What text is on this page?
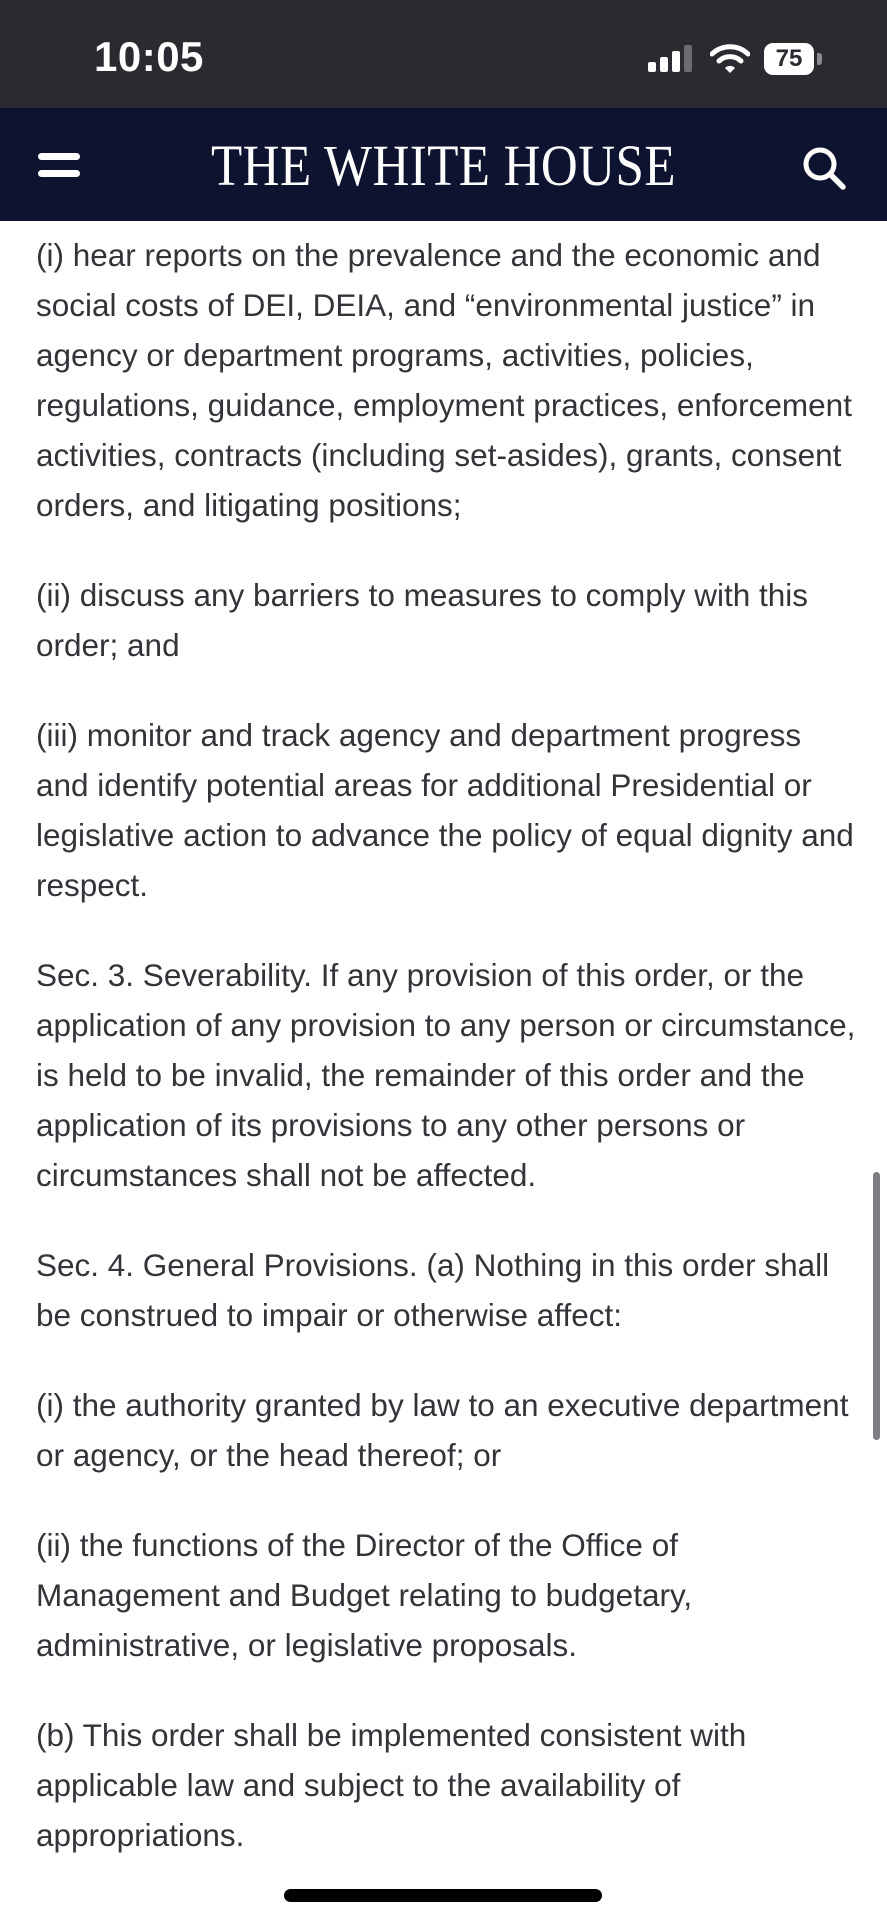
10:05	75
THE WHITE HOUSE

(i) hear reports on the prevalence and the economic and social costs of DEI, DEIA, and “environmental justice” in agency or department programs, activities, policies, regulations, guidance, employment practices, enforcement activities, contracts (including set-asides), grants, consent orders, and litigating positions;

(ii) discuss any barriers to measures to comply with this order; and

(iii) monitor and track agency and department progress and identify potential areas for additional Presidential or legislative action to advance the policy of equal dignity and respect.

Sec. 3. Severability. If any provision of this order, or the application of any provision to any person or circumstance, is held to be invalid, the remainder of this order and the application of its provisions to any other persons or circumstances shall not be affected.

Sec. 4. General Provisions. (a) Nothing in this order shall be construed to impair or otherwise affect:

(i) the authority granted by law to an executive department or agency, or the head thereof; or

(ii) the functions of the Director of the Office of Management and Budget relating to budgetary, administrative, or legislative proposals.

(b) This order shall be implemented consistent with applicable law and subject to the availability of appropriations.
